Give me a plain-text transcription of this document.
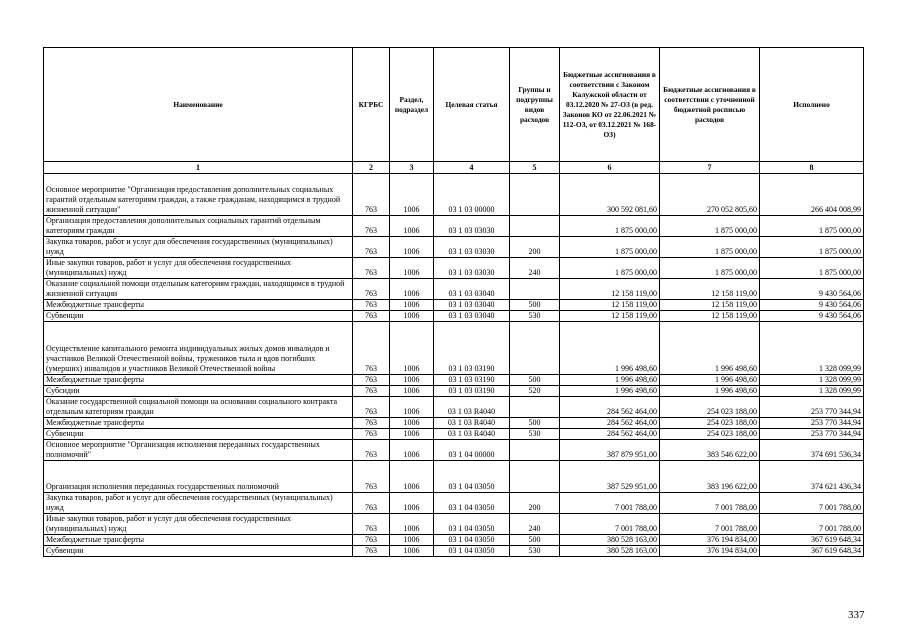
Наименование	КГРБС	Раздел, подраздел	Целевая статья	Группы и подгруппы видов расходов	Бюджетные ассигнования в соответствии с Законом Калужской области от 03.12.2020 № 27-ОЗ (в ред. Законов КО от 22.06.2021 № 112-ОЗ, от 03.12.2021 № 168-ОЗ)	Бюджетные ассигнования в соответствии с уточненной бюджетной росписью расходов	Исполнено
1	2	3	4	5	6	7	8
Основное мероприятие "Организация предоставления дополнительных социальных гарантий отдельным категориям граждан, а также гражданам, находящимся в трудной жизненной ситуации"	763	1006	03 1 03 00000		300 592 081,60	270 052 805,60	266 404 008,99
Организация предоставления дополнительных социальных гарантий отдельным категориям граждан	763	1006	03 1 03 03030		1 875 000,00	1 875 000,00	1 875 000,00
Закупка товаров, работ и услуг для обеспечения государственных (муниципальных) нужд	763	1006	03 1 03 03030	200	1 875 000,00	1 875 000,00	1 875 000,00
Иные закупки товаров, работ и услуг для обеспечения государственных (муниципальных) нужд	763	1006	03 1 03 03030	240	1 875 000,00	1 875 000,00	1 875 000,00
Оказание социальной помощи отдельным категориям граждан, находящимся в трудной жизненной ситуации	763	1006	03 1 03 03040		12 158 119,00	12 158 119,00	9 430 564,06
Межбюджетные трансферты	763	1006	03 1 03 03040	500	12 158 119,00	12 158 119,00	9 430 564,06
Субвенции	763	1006	03 1 03 03040	530	12 158 119,00	12 158 119,00	9 430 564,06
Осуществление капитального ремонта индивидуальных жилых домов инвалидов и участников Великой Отечественной войны, тружеников тыла и вдов погибших (умерших) инвалидов и участников Великой Отечественной войны	763	1006	03 1 03 03190		1 996 498,60	1 996 498,60	1 328 099,99
Межбюджетные трансферты	763	1006	03 1 03 03190	500	1 996 498,60	1 996 498,60	1 328 099,99
Субсидии	763	1006	03 1 03 03190	520	1 996 498,60	1 996 498,60	1 328 099,99
Оказание государственной социальной помощи на основании социального контракта отдельным категориям граждан	763	1006	03 1 03 R4040		284 562 464,00	254 023 188,00	253 770 344,94
Межбюджетные трансферты	763	1006	03 1 03 R4040	500	284 562 464,00	254 023 188,00	253 770 344,94
Субвенции	763	1006	03 1 03 R4040	530	284 562 464,00	254 023 188,00	253 770 344,94
Основное мероприятие "Организация исполнения переданных государственных полномочий"	763	1006	03 1 04 00000		387 879 951,00	383 546 622,00	374 691 536,34
Организация исполнения переданных государственных полномочий	763	1006	03 1 04 03050		387 529 951,00	383 196 622,00	374 621 436,34
Закупка товаров, работ и услуг для обеспечения государственных (муниципальных) нужд	763	1006	03 1 04 03050	200	7 001 788,00	7 001 788,00	7 001 788,00
Иные закупки товаров, работ и услуг для обеспечения государственных (муниципальных) нужд	763	1006	03 1 04 03050	240	7 001 788,00	7 001 788,00	7 001 788,00
Межбюджетные трансферты	763	1006	03 1 04 03050	500	380 528 163,00	376 194 834,00	367 619 648,34
Субвенции	763	1006	03 1 04 03050	530	380 528 163,00	376 194 834,00	367 619 648,34
337
